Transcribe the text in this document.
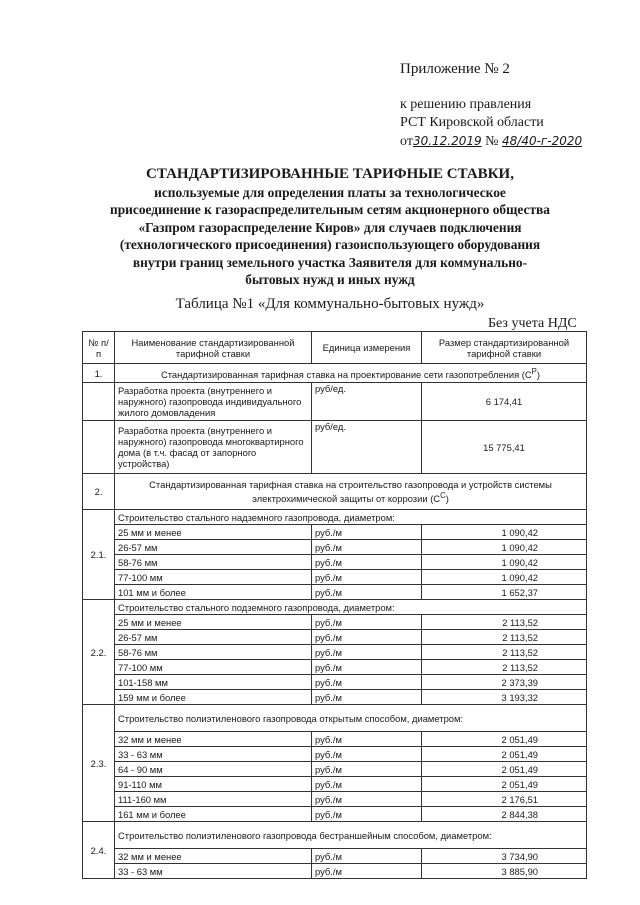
Приложение № 2
к решению правления
РСТ Кировской области
от30.12.2019 № 48/40-г-2020
СТАНДАРТИЗИРОВАННЫЕ ТАРИФНЫЕ СТАВКИ,
используемые для определения платы за технологическое
присоединение к газораспределительным сетям акционерного общества
«Газпром газораспределение Киров» для случаев подключения
(технологического присоединения) газоиспользующего оборудования
внутри границ земельного участка Заявителя для коммунально-
бытовых нужд и иных нужд
Таблица №1 «Для коммунально-бытовых нужд»
Без учета НДС
№ п/п	Наименование стандартизированной тарифной ставки	Единица измерения	Размер стандартизированной тарифной ставки
1.	Стандартизированная тарифная ставка на проектирование сети газопотребления $(С^Р)$		
	Разработка проекта (внутреннего и наружного) газопровода индивидуального жилого домовладения	руб/ед.	6 174,41
	Разработка проекта (внутреннего и наружного) газопровода многоквартирного дома (в т.ч. фасад от запорного устройства)	руб/ед.	15 775,41
2.	Стандартизированная тарифная ставка на строительство газопровода и устройств системы электрохимической защиты от коррозии $(С^С)$		
2.1.	Строительство стального надземного газопровода, диаметром:		
	25 мм и менее	руб./м	1 090,42
	26-57 мм	руб./м	1 090,42
	58-76 мм	руб./м	1 090,42
	77-100 мм	руб./м	1 090,42
	101 мм и более	руб./м	1 652,37
2.2.	Строительство стального подземного газопровода, диаметром:		
	25 мм и менее	руб./м	2 113,52
	26-57 мм	руб./м	2 113,52
	58-76 мм	руб./м	2 113,52
	77-100 мм	руб./м	2 113,52
	101-158 мм	руб./м	2 373,39
	159 мм и более	руб./м	3 193,32
2.3.	Строительство полиэтиленового газопровода открытым способом, диаметром:		
	32 мм и менее	руб./м	2 051,49
	33 - 63 мм	руб./м	2 051,49
	64 - 90 мм	руб./м	2 051,49
	91-110 мм	руб./м	2 051,49
	111-160 мм	руб./м	2 176,51
	161 мм и более	руб./м	2 844,38
2.4.	Строительство полиэтиленового газопровода бестраншейным способом, диаметром:		
	32 мм и менее	руб./м	3 734,90
	33 - 63 мм	руб./м	3 885,90
